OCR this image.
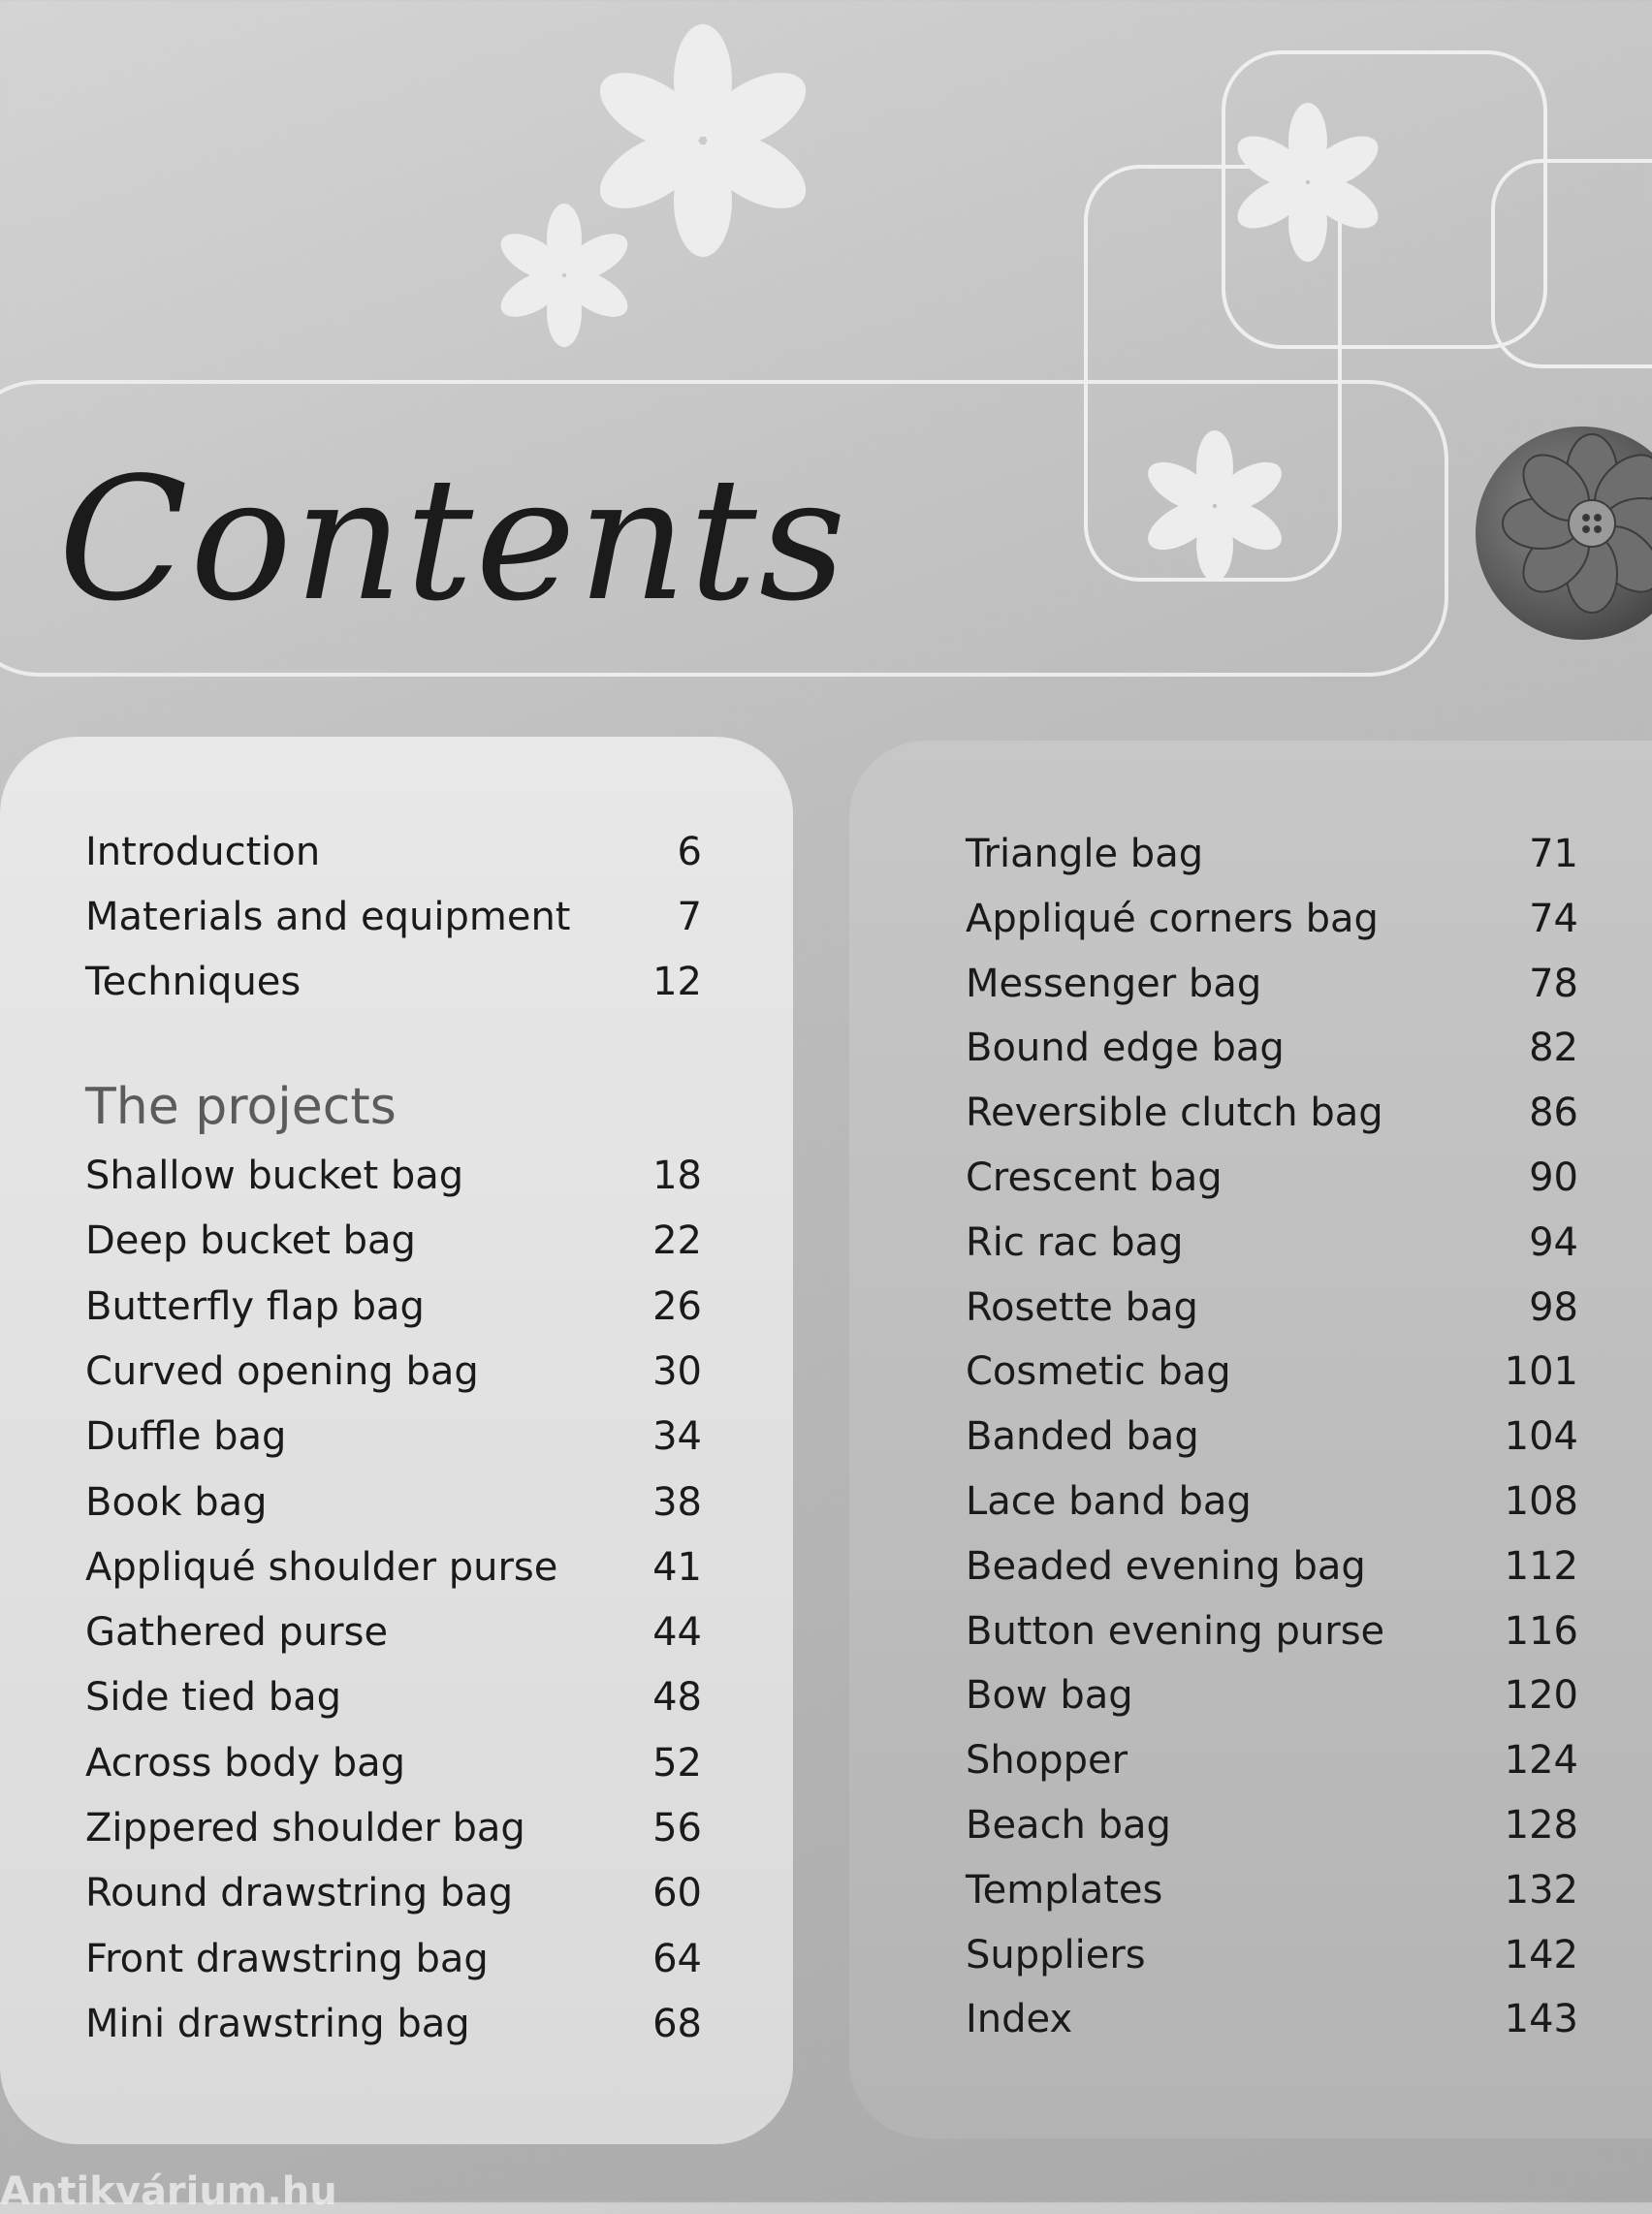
Contents
The projects
Introduction	6
Materials and equipment	7
Techniques	12
Shallow bucket bag	18
Deep bucket bag	22
Butterfly flap bag	26
Curved opening bag	30
Duffle bag	34
Book bag	38
Appliqué shoulder purse 41
Gathered purse	44
Side tied bag	48
Across body bag	52
Zippered shoulder bag	56
Round drawstring bag	60
Front drawstring bag	64
Mini drawstring bag	68
Triangle bag	71
Appliqué corners bag	74
Messenger bag	78
Bound edge bag	82
Reversible clutch bag	86
Crescent bag	90
Ric rac bag	94
Rosette bag	98
Cosmetic bag	101
Banded bag	104
Lace band bag	108
Beaded evening bag	112
Button evening purse	116
Bow bag	120
Shopper	124
Beach bag	128
Templates	132
Suppliers	142
Index	143
Antikvárium.hu
